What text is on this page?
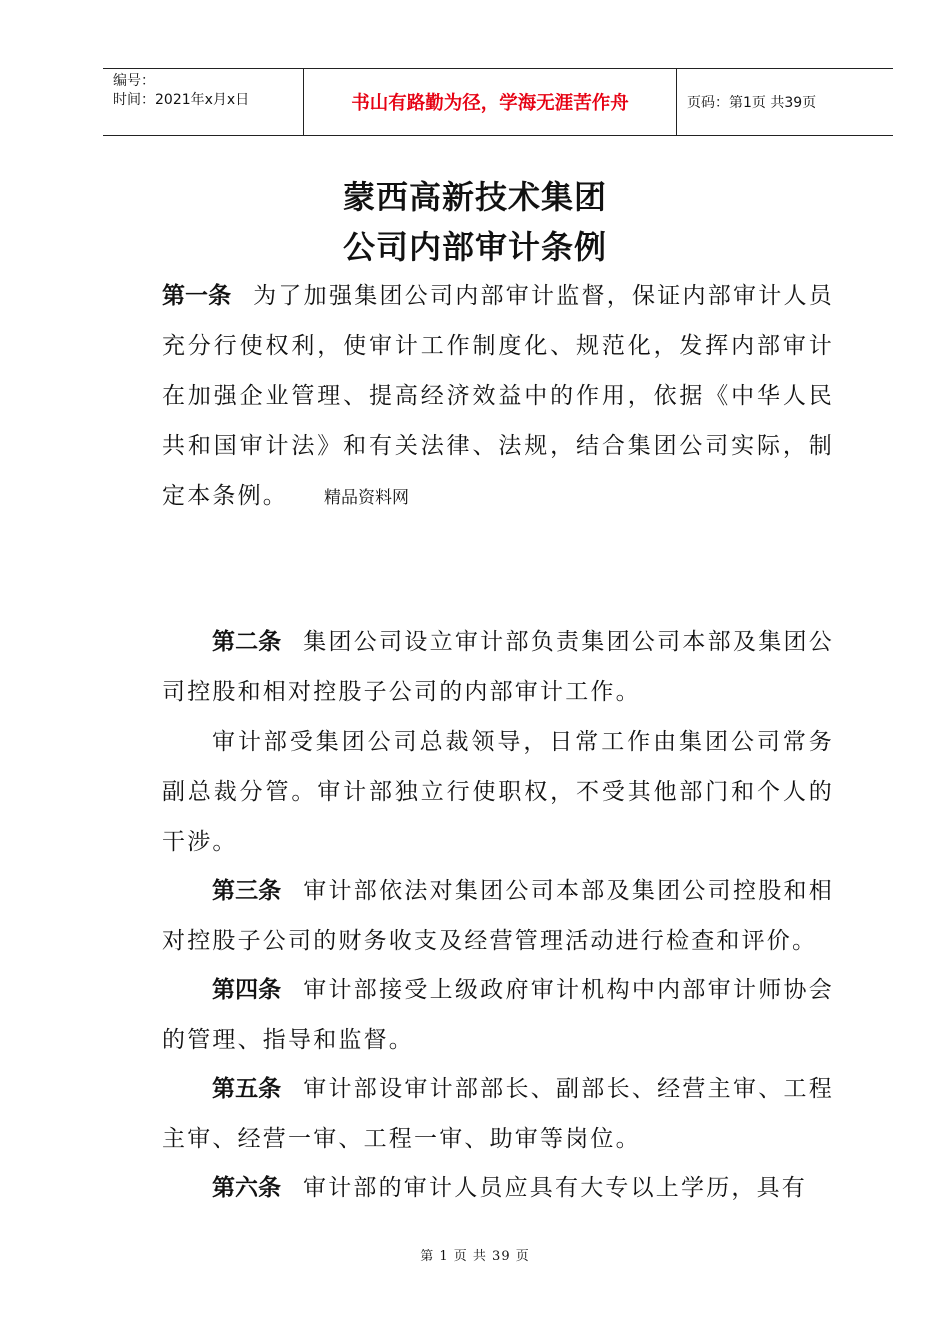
编号：
时间：2021年x月x日	书山有路勤为径，学海无涯苦作舟	页码：第1页 共39页
蒙西高新技术集团
公司内部审计条例
第一条 为了加强集团公司内部审计监督，保证内部审计人员充分行使权利，使审计工作制度化、规范化，发挥内部审计在加强企业管理、提高经济效益中的作用，依据《中华人民共和国审计法》和有关法律、法规，结合集团公司实际，制定本条例。 精品资料网
第二条 集团公司设立审计部负责集团公司本部及集团公司控股和相对控股子公司的内部审计工作。
审计部受集团公司总裁领导，日常工作由集团公司常务副总裁分管。审计部独立行使职权，不受其他部门和个人的干涉。
第三条 审计部依法对集团公司本部及集团公司控股和相对控股子公司的财务收支及经营管理活动进行检查和评价。
第四条 审计部接受上级政府审计机构中内部审计师协会的管理、指导和监督。
第五条 审计部设审计部部长、副部长、经营主审、工程主审、经营一审、工程一审、助审等岗位。
第六条 审计部的审计人员应具有大专以上学历，具有
第 1 页 共 39 页
